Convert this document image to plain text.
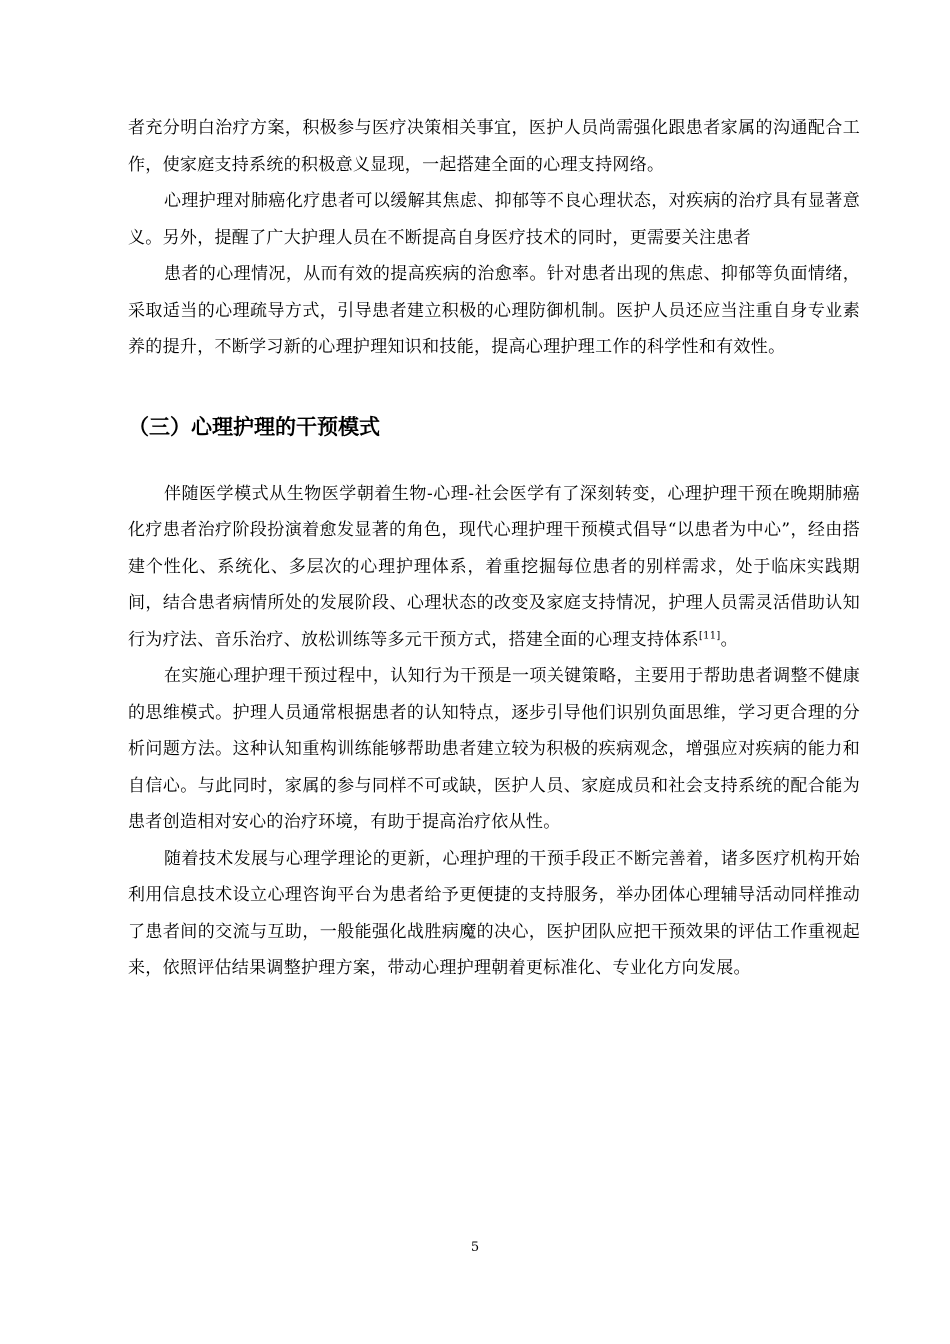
者充分明白治疗方案，积极参与医疗决策相关事宜，医护人员尚需强化跟患者家属的沟通配合工作，使家庭支持系统的积极意义显现，一起搭建全面的心理支持网络。

心理护理对肺癌化疗患者可以缓解其焦虑、抑郁等不良心理状态，对疾病的治疗具有显著意义。另外，提醒了广大护理人员在不断提高自身医疗技术的同时，更需要关注患者

患者的心理情况，从而有效的提高疾病的治愈率。针对患者出现的焦虑、抑郁等负面情绪，采取适当的心理疏导方式，引导患者建立积极的心理防御机制。医护人员还应当注重自身专业素养的提升，不断学习新的心理护理知识和技能，提高心理护理工作的科学性和有效性。

（三）心理护理的干预模式

伴随医学模式从生物医学朝着生物-心理-社会医学有了深刻转变，心理护理干预在晚期肺癌化疗患者治疗阶段扮演着愈发显著的角色，现代心理护理干预模式倡导“以患者为中心”，经由搭建个性化、系统化、多层次的心理护理体系，着重挖掘每位患者的别样需求，处于临床实践期间，结合患者病情所处的发展阶段、心理状态的改变及家庭支持情况，护理人员需灵活借助认知行为疗法、音乐治疗、放松训练等多元干预方式，搭建全面的心理支持体系[11]。

在实施心理护理干预过程中，认知行为干预是一项关键策略，主要用于帮助患者调整不健康的思维模式。护理人员通常根据患者的认知特点，逐步引导他们识别负面思维，学习更合理的分析问题方法。这种认知重构训练能够帮助患者建立较为积极的疾病观念，增强应对疾病的能力和自信心。与此同时，家属的参与同样不可或缺，医护人员、家庭成员和社会支持系统的配合能为患者创造相对安心的治疗环境，有助于提高治疗依从性。

随着技术发展与心理学理论的更新，心理护理的干预手段正不断完善着，诸多医疗机构开始利用信息技术设立心理咨询平台为患者给予更便捷的支持服务，举办团体心理辅导活动同样推动了患者间的交流与互助，一般能强化战胜病魔的决心，医护团队应把干预效果的评估工作重视起来，依照评估结果调整护理方案，带动心理护理朝着更标准化、专业化方向发展。

5
